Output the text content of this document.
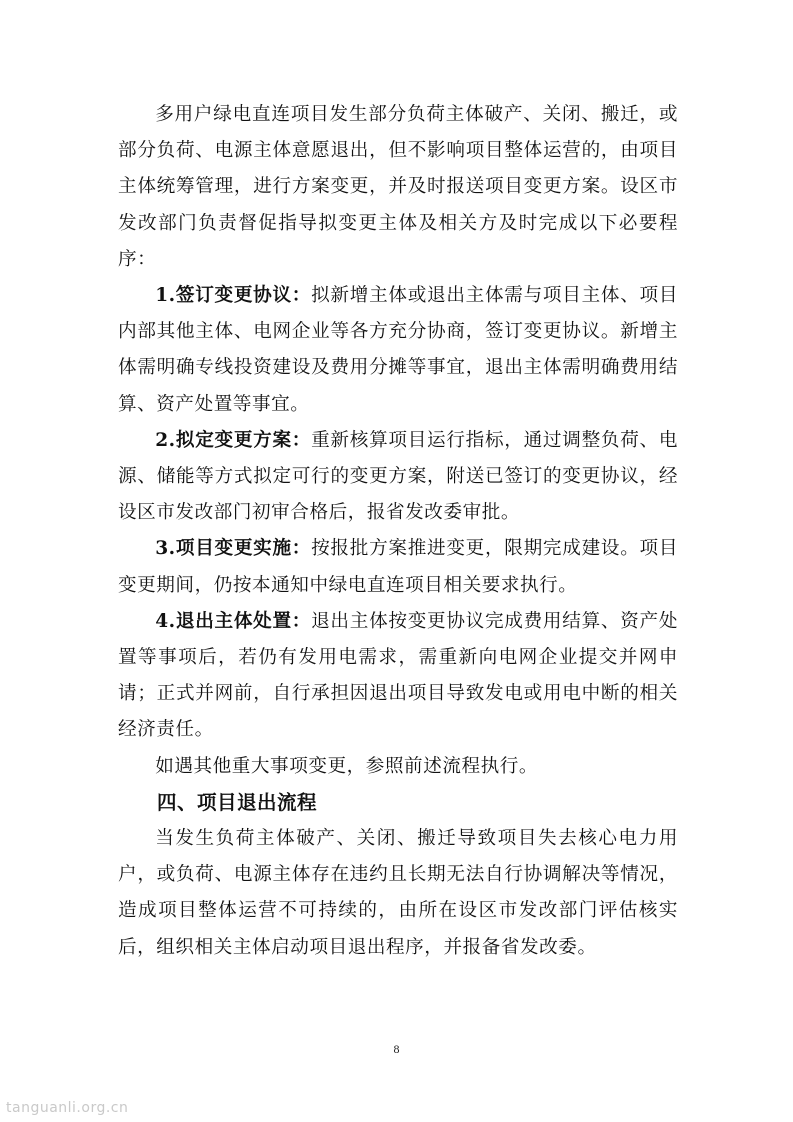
多用户绿电直连项目发生部分负荷主体破产、关闭、搬迁，或部分负荷、电源主体意愿退出，但不影响项目整体运营的，由项目主体统筹管理，进行方案变更，并及时报送项目变更方案。设区市发改部门负责督促指导拟变更主体及相关方及时完成以下必要程序：

1.签订变更协议：拟新增主体或退出主体需与项目主体、项目内部其他主体、电网企业等各方充分协商，签订变更协议。新增主体需明确专线投资建设及费用分摊等事宜，退出主体需明确费用结算、资产处置等事宜。

2.拟定变更方案：重新核算项目运行指标，通过调整负荷、电源、储能等方式拟定可行的变更方案，附送已签订的变更协议，经设区市发改部门初审合格后，报省发改委审批。

3.项目变更实施：按报批方案推进变更，限期完成建设。项目变更期间，仍按本通知中绿电直连项目相关要求执行。

4.退出主体处置：退出主体按变更协议完成费用结算、资产处置等事项后，若仍有发用电需求，需重新向电网企业提交并网申请；正式并网前，自行承担因退出项目导致发电或用电中断的相关经济责任。

如遇其他重大事项变更，参照前述流程执行。

四、项目退出流程

当发生负荷主体破产、关闭、搬迁导致项目失去核心电力用户，或负荷、电源主体存在违约且长期无法自行协调解决等情况，造成项目整体运营不可持续的，由所在设区市发改部门评估核实后，组织相关主体启动项目退出程序，并报备省发改委。

8
tanguanli.org.cn
